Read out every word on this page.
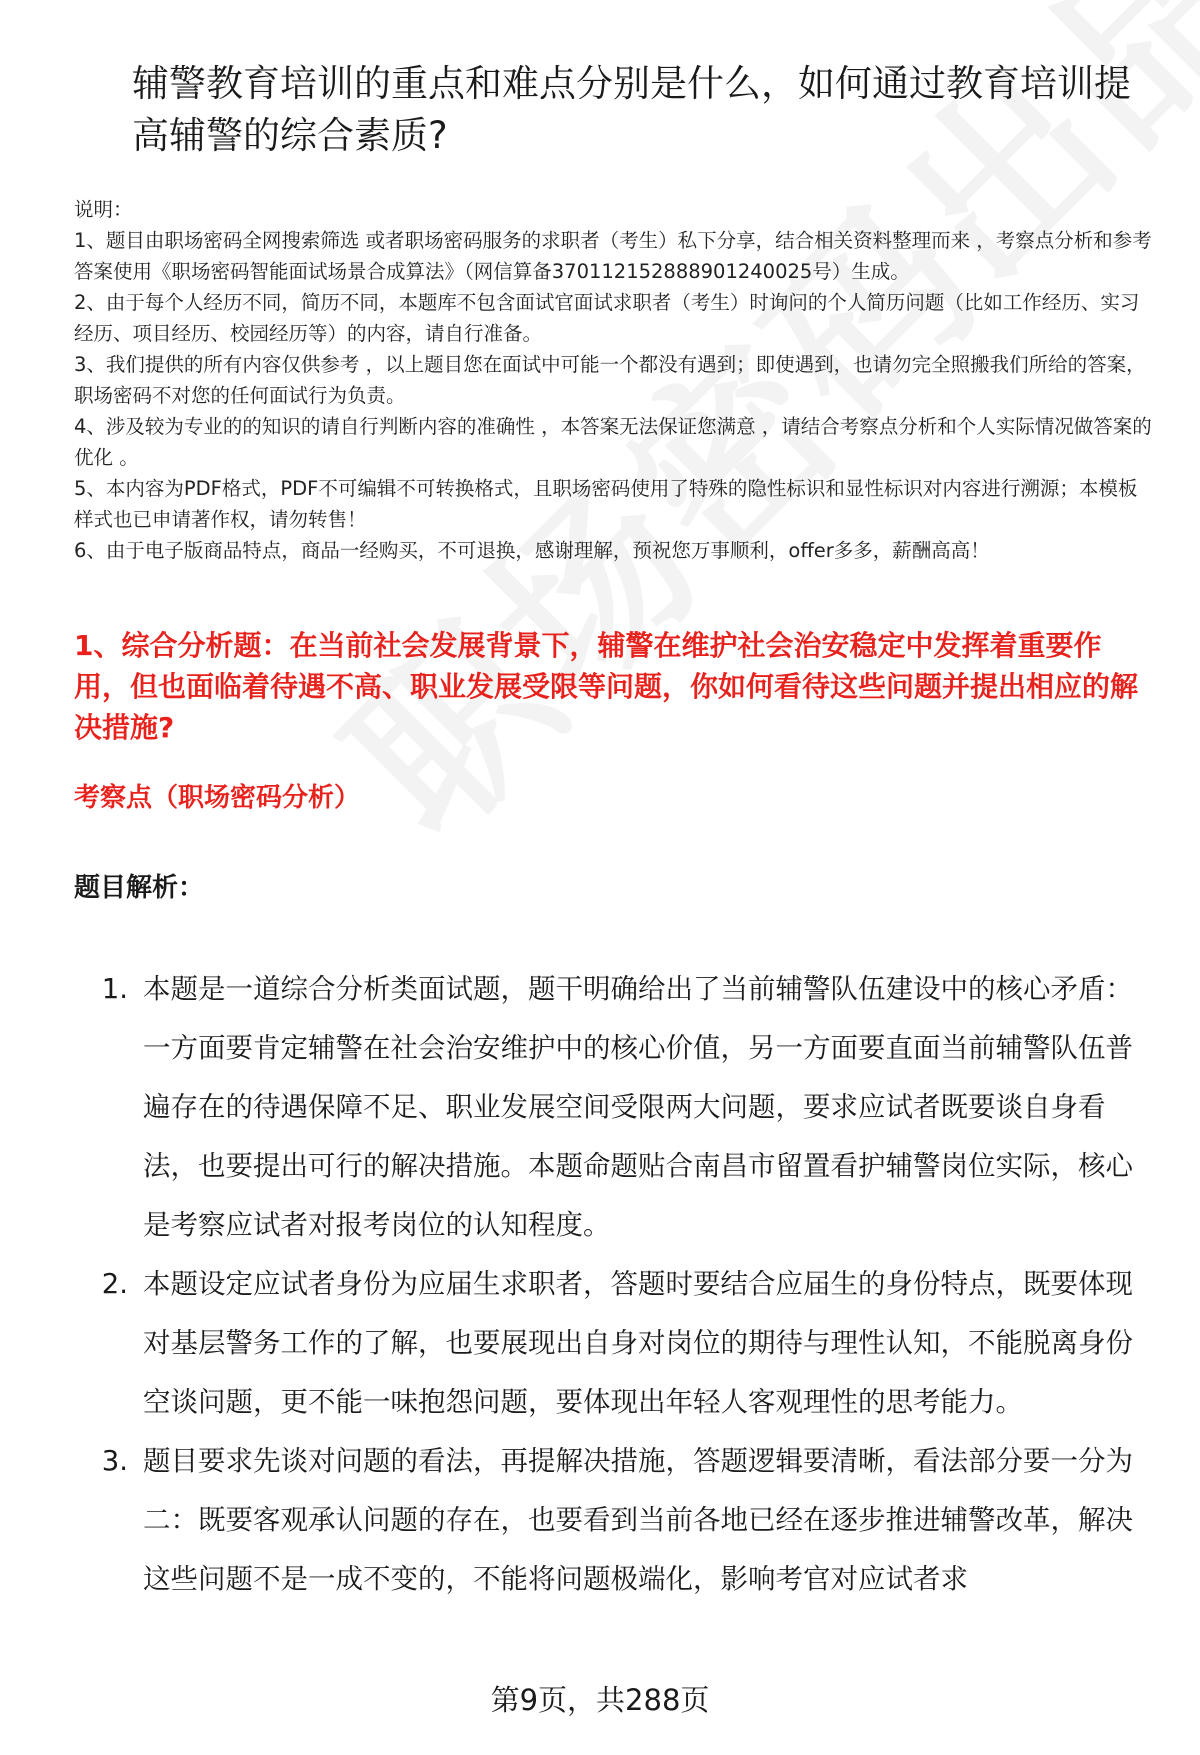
辅警教育培训的重点和难点分别是什么，如何通过教育培训提高辅警的综合素质?

说明：

1、题目由职场密码全网搜索筛选 或者职场密码服务的求职者（考生）私下分享，结合相关资料整理而来 ，考察点分析和参考答案使用《职场密码智能面试场景合成算法》（网信算备370112152888901240025号）生成。

2、由于每个人经历不同，简历不同，本题库不包含面试官面试求职者（考生）时询问的个人简历问题（比如工作经历、实习经历、项目经历、校园经历等）的内容，请自行准备。

3、我们提供的所有内容仅供参考 ，以上题目您在面试中可能一个都没有遇到；即使遇到，也请勿完全照搬我们所给的答案，职场密码不对您的任何面试行为负责。

4、涉及较为专业的的知识的请自行判断内容的准确性 ，本答案无法保证您满意 ，请结合考察点分析和个人实际情况做答案的优化 。

5、本内容为PDF格式，PDF不可编辑不可转换格式，且职场密码使用了特殊的隐性标识和显性标识对内容进行溯源；本模板样式也已申请著作权，请勿转售！

6、由于电子版商品特点，商品一经购买，不可退换，感谢理解，预祝您万事顺利，offer多多，薪酬高高！

1、综合分析题：在当前社会发展背景下，辅警在维护社会治安稳定中发挥着重要作用，但也面临着待遇不高、职业发展受限等问题，你如何看待这些问题并提出相应的解决措施?
考察点（职场密码分析）
题目解析：
1. 本题是一道综合分析类面试题，题干明确给出了当前辅警队伍建设中的核心矛盾：一方面要肯定辅警在社会治安维护中的核心价值，另一方面要直面当前辅警队伍普遍存在的待遇保障不足、职业发展空间受限两大问题，要求应试者既要谈自身看法，也要提出可行的解决措施。本题命题贴合南昌市留置看护辅警岗位实际，核心是考察应试者对报考岗位的认知程度。
2. 本题设定应试者身份为应届生求职者，答题时要结合应届生的身份特点，既要体现对基层警务工作的了解，也要展现出自身对岗位的期待与理性认知，不能脱离身份空谈问题，更不能一味抱怨问题，要体现出年轻人客观理性的思考能力。
3. 题目要求先谈对问题的看法，再提解决措施，答题逻辑要清晰，看法部分要一分为二：既要客观承认问题的存在，也要看到当前各地已经在逐步推进辅警改革，解决这些问题不是一成不变的，不能将问题极端化，影响考官对应试者求
第9页，共288页
